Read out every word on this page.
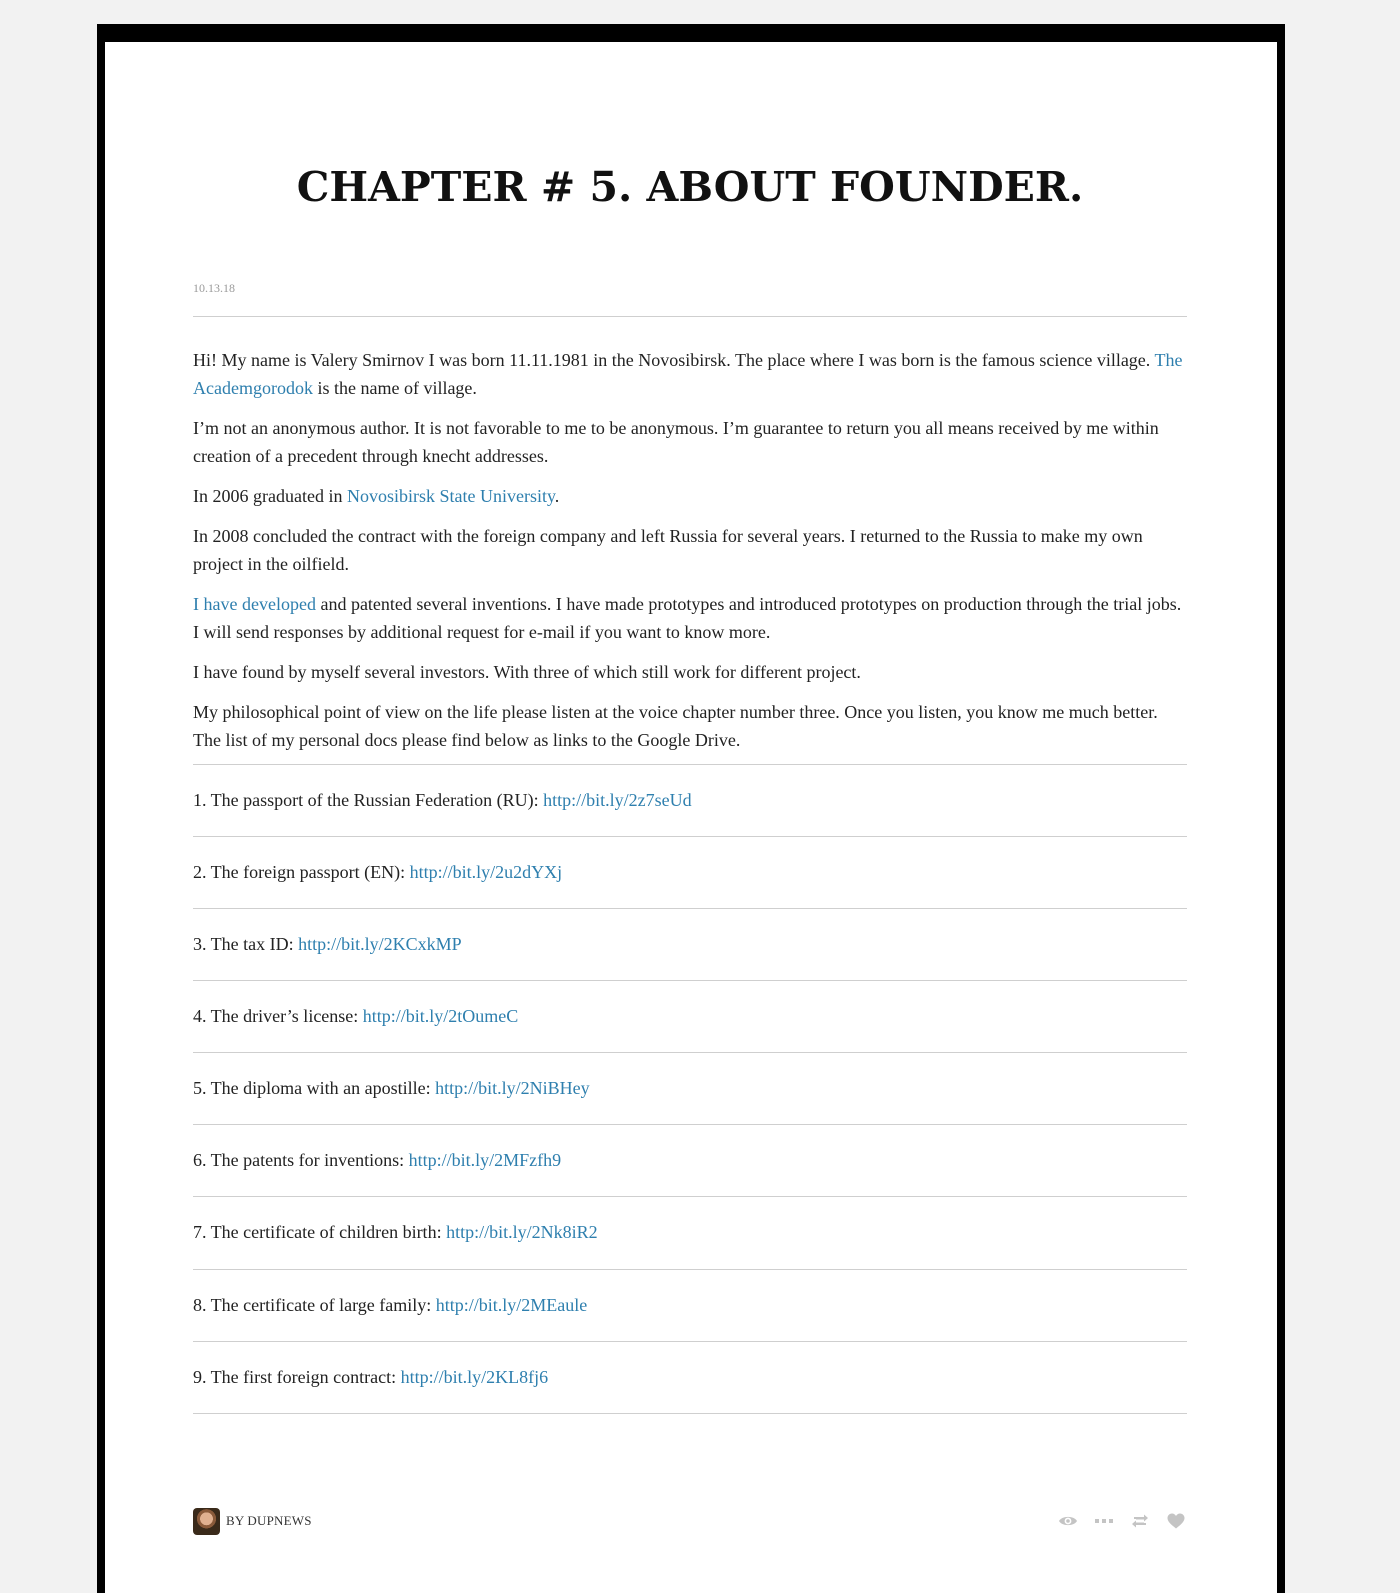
CHAPTER # 5. ABOUT FOUNDER.
10.13.18

Hi! My name is Valery Smirnov I was born 11.11.1981 in the Novosibirsk. The place where I was born is the famous science village. The Academgorodok is the name of village.

I’m not an anonymous author. It is not favorable to me to be anonymous. I’m guarantee to return you all means received by me within creation of a precedent through knecht addresses.

In 2006 graduated in Novosibirsk State University.

In 2008 concluded the contract with the foreign company and left Russia for several years. I returned to the Russia to make my own project in the oilfield.

I have developed and patented several inventions. I have made prototypes and introduced prototypes on production through the trial jobs. I will send responses by additional request for e-mail if you want to know more.

I have found by myself several investors. With three of which still work for different project.

My philosophical point of view on the life please listen at the voice chapter number three. Once you listen, you know me much better. The list of my personal docs please find below as links to the Google Drive.

1. The passport of the Russian Federation (RU): http://bit.ly/2z7seUd
2. The foreign passport (EN): http://bit.ly/2u2dYXj
3. The tax ID: http://bit.ly/2KCxkMP
4. The driver’s license: http://bit.ly/2tOumeC
5. The diploma with an apostille: http://bit.ly/2NiBHey
6. The patents for inventions: http://bit.ly/2MFzfh9
7. The certificate of children birth: http://bit.ly/2Nk8iR2
8. The certificate of large family: http://bit.ly/2MEaule
9. The first foreign contract: http://bit.ly/2KL8fj6
BY DUPNEWS
